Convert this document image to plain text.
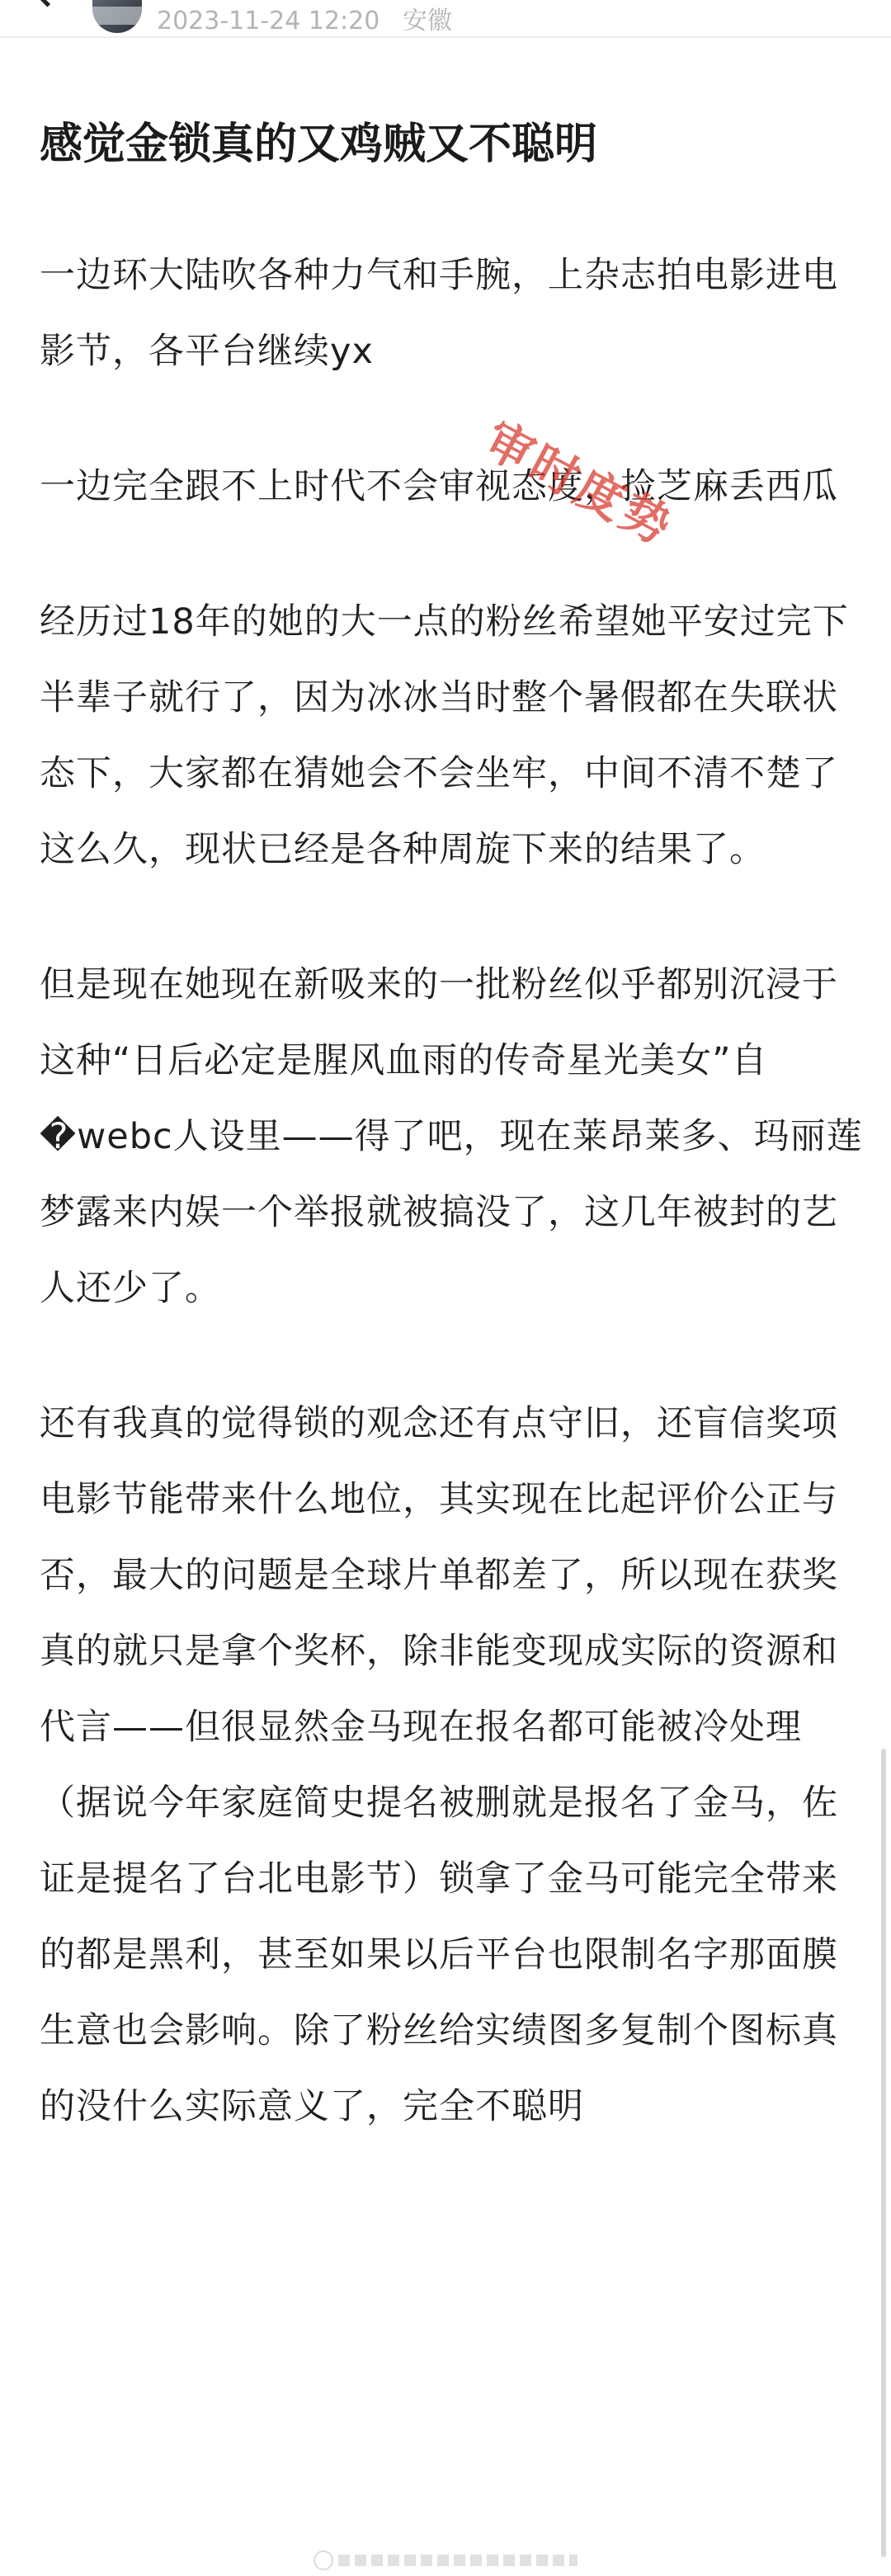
2023-11-24 12:20 安徽
感觉金锁真的又鸡贼又不聪明

一边环大陆吹各种力气和手腕，上杂志拍电影进电影节，各平台继续yx

一边完全跟不上时代不会审视态度，捡芝麻丢西瓜

经历过18年的她的大一点的粉丝希望她平安过完下半辈子就行了，因为冰冰当时整个暑假都在失联状态下，大家都在猜她会不会坐牢，中间不清不楚了这么久，现状已经是各种周旋下来的结果了。

但是现在她现在新吸来的一批粉丝似乎都别沉浸于这种“日后必定是腥风血雨的传奇星光美女”自�webc人设里——得了吧，现在莱昂莱多、玛丽莲梦露来内娱一个举报就被搞没了，这几年被封的艺人还少了。

还有我真的觉得锁的观念还有点守旧，还盲信奖项电影节能带来什么地位，其实现在比起评价公正与否，最大的问题是全球片单都差了，所以现在获奖真的就只是拿个奖杯，除非能变现成实际的资源和代言——但很显然金马现在报名都可能被冷处理（据说今年家庭简史提名被删就是报名了金马，佐证是提名了台北电影节）锁拿了金马可能完全带来的都是黑利，甚至如果以后平台也限制名字那面膜生意也会影响。除了粉丝给实绩图多复制个图标真的没什么实际意义了，完全不聪明

审时度势
